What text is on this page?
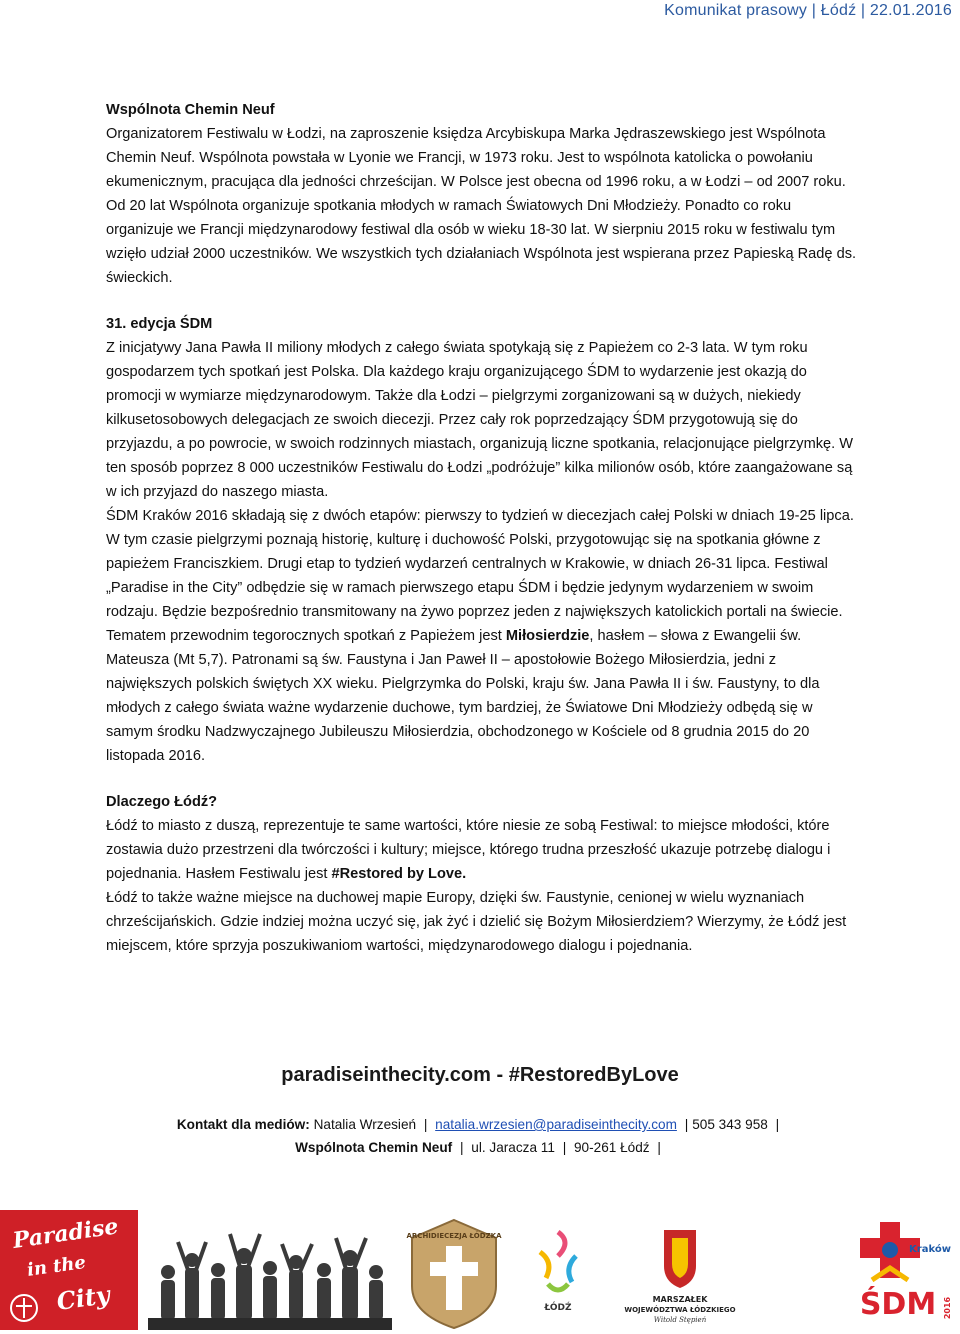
Komunikat prasowy | Łódź | 22.01.2016
Wspólnota Chemin Neuf

Organizatorem Festiwalu w Łodzi, na zaproszenie księdza Arcybiskupa Marka Jędraszewskiego jest Wspólnota Chemin Neuf. Wspólnota powstała w Lyonie we Francji, w 1973 roku. Jest to wspólnota katolicka o powołaniu ekumenicznym, pracująca dla jedności chrześcijan. W Polsce jest obecna od 1996 roku, a w Łodzi – od 2007 roku. Od 20 lat Wspólnota organizuje spotkania młodych w ramach Światowych Dni Młodzieży. Ponadto co roku organizuje we Francji międzynarodowy festiwal dla osób w wieku 18-30 lat. W sierpniu 2015 roku w festiwalu tym wzięło udział 2000 uczestników. We wszystkich tych działaniach Wspólnota jest wspierana przez Papieską Radę ds. świeckich.

31. edycja ŚDM

Z inicjatywy Jana Pawła II miliony młodych z całego świata spotykają się z Papieżem co 2-3 lata. W tym roku gospodarzem tych spotkań jest Polska. Dla każdego kraju organizującego ŚDM to wydarzenie jest okazją do promocji w wymiarze międzynarodowym. Także dla Łodzi – pielgrzymi zorganizowani są w dużych, niekiedy kilkusetosobowych delegacjach ze swoich diecezji. Przez cały rok poprzedzający ŚDM przygotowują się do przyjazdu, a po powrocie, w swoich rodzinnych miastach, organizują liczne spotkania, relacjonujące pielgrzymkę. W ten sposób poprzez 8 000 uczestników Festiwalu do Łodzi „podróżuje” kilka milionów osób, które zaangażowane są w ich przyjazd do naszego miasta.

ŚDM Kraków 2016 składają się z dwóch etapów: pierwszy to tydzień w diecezjach całej Polski w dniach 19-25 lipca. W tym czasie pielgrzymi poznają historię, kulturę i duchowość Polski, przygotowując się na spotkania główne z papieżem Franciszkiem. Drugi etap to tydzień wydarzeń centralnych w Krakowie, w dniach 26-31 lipca. Festiwal „Paradise in the City” odbędzie się w ramach pierwszego etapu ŚDM i będzie jedynym wydarzeniem w swoim rodzaju. Będzie bezpośrednio transmitowany na żywo poprzez jeden z największych katolickich portali na świecie.

Tematem przewodnim tegorocznych spotkań z Papieżem jest Miłosierdzie, hasłem – słowa z Ewangelii św. Mateusza (Mt 5,7). Patronami są św. Faustyna i Jan Paweł II – apostołowie Bożego Miłosierdzia, jedni z największych polskich świętych XX wieku. Pielgrzymka do Polski, kraju św. Jana Pawła II i św. Faustyny, to dla młodych z całego świata ważne wydarzenie duchowe, tym bardziej, że Światowe Dni Młodzieży odbędą się w samym środku Nadzwyczajnego Jubileuszu Miłosierdzia, obchodzonego w Kościele od 8 grudnia 2015 do 20 listopada 2016.

Dlaczego Łódź?

Łódź to miasto z duszą, reprezentuje te same wartości, które niesie ze sobą Festiwal: to miejsce młodości, które zostawia dużo przestrzeni dla twórczości i kultury; miejsce, którego trudna przeszłość ukazuje potrzebę dialogu i pojednania. Hasłem Festiwalu jest #Restored by Love.

Łódź to także ważne miejsce na duchowej mapie Europy, dzięki św. Faustynie, cenionej w wielu wyznaniach chrześcijańskich. Gdzie indziej można uczyć się, jak żyć i dzielić się Bożym Miłosierdziem? Wierzymy, że Łódź jest miejscem, które sprzyja poszukiwaniom wartości, międzynarodowego dialogu i pojednania.

paradiseinthecity.com - #RestoredByLove
Kontakt dla mediów: Natalia Wrzesień | natalia.wrzesien@paradiseinthecity.com | 505 343 958 |
Wspólnota Chemin Neuf | ul. Jaracza 11 | 90-261 Łódź |
Paradise
in the
City
ARCHIDIECEZJA ŁÓDZKA
ŁÓDŹ
MARSZAŁEK
WOJEWÓDZTWA ŁÓDZKIEGO
Witold Stępień
Kraków
ŚDM 2016
